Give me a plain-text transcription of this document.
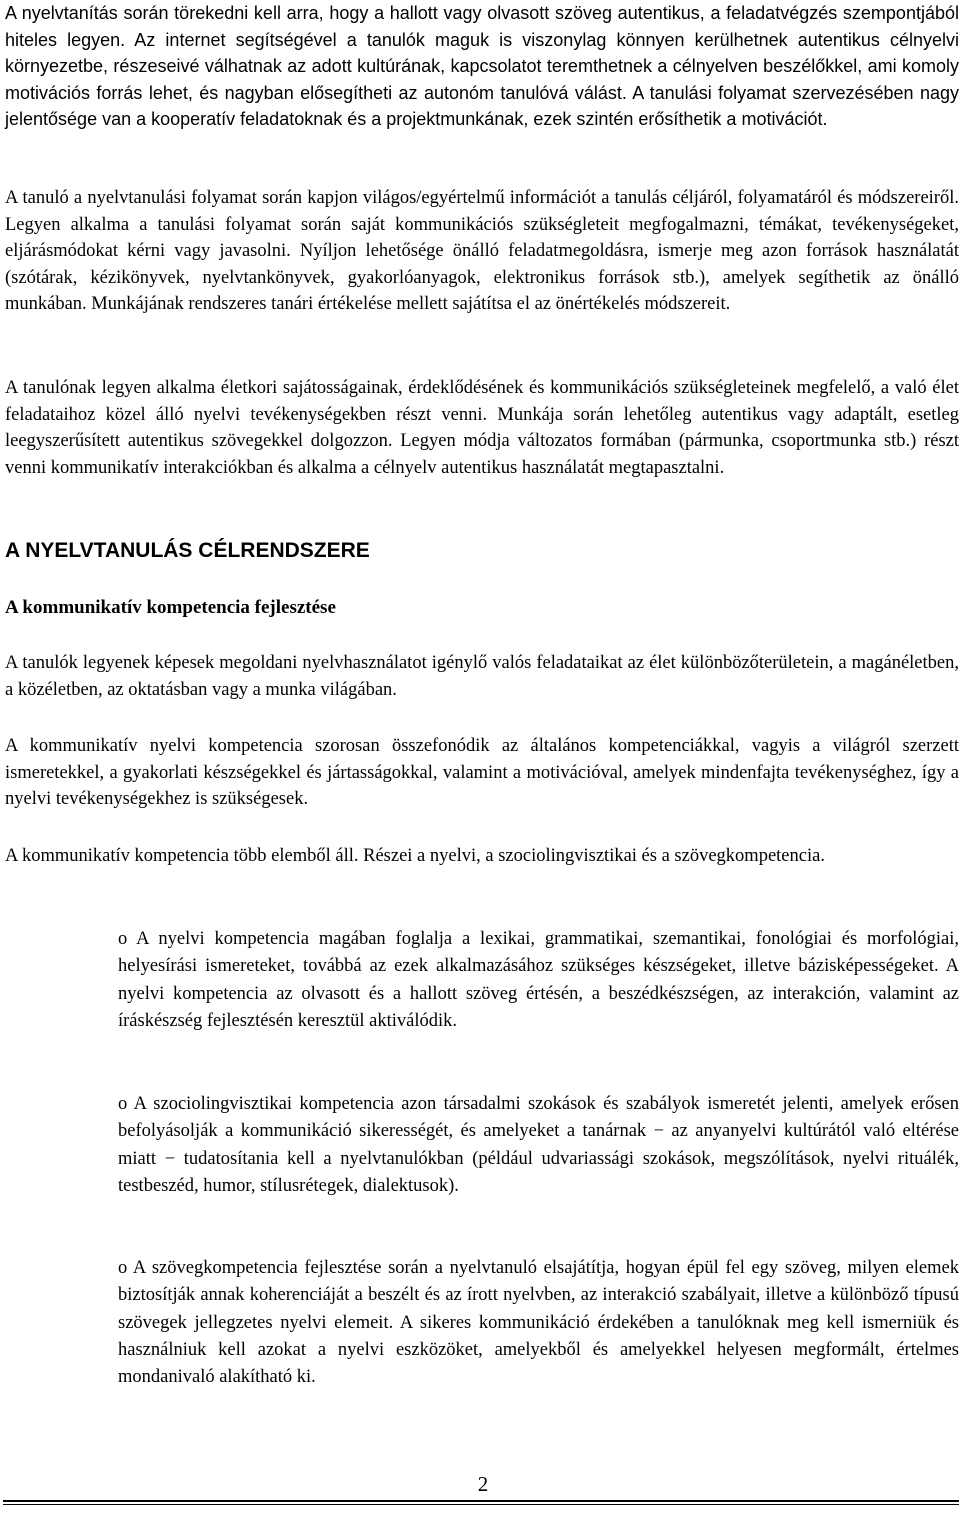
A nyelvtanítás során törekedni kell arra, hogy a hallott vagy olvasott szöveg autentikus, a feladatvégzés szempontjából hiteles legyen. Az internet segítségével a tanulók maguk is viszonylag könnyen kerülhetnek autentikus célnyelvi környezetbe, részeseivé válhatnak az adott kultúrának, kapcsolatot teremthetnek a célnyelven beszélőkkel, ami komoly motivációs forrás lehet, és nagyban elősegítheti az autonóm tanulóvá válást. A tanulási folyamat szervezésében nagy jelentősége van a kooperatív feladatoknak és a projektmunkának, ezek szintén erősíthetik a motivációt.

A tanuló a nyelvtanulási folyamat során kapjon világos/egyértelmű információt a tanulás céljáról, folyamatáról és módszereiről. Legyen alkalma a tanulási folyamat során saját kommunikációs szükségleteit megfogalmazni, témákat, tevékenységeket, eljárásmódokat kérni vagy javasolni. Nyíljon lehetősége önálló feladatmegoldásra, ismerje meg azon források használatát (szótárak, kézikönyvek, nyelvtankönyvek, gyakorlóanyagok, elektronikus források stb.), amelyek segíthetik az önálló munkában. Munkájának rendszeres tanári értékelése mellett sajátítsa el az önértékelés módszereit.

A tanulónak legyen alkalma életkori sajátosságainak, érdeklődésének és kommunikációs szükségleteinek megfelelő, a való élet feladataihoz közel álló nyelvi tevékenységekben részt venni. Munkája során lehetőleg autentikus vagy adaptált, esetleg leegyszerűsített autentikus szövegekkel dolgozzon. Legyen módja változatos formában (pármunka, csoportmunka stb.) részt venni kommunikatív interakciókban és alkalma a célnyelv autentikus használatát megtapasztalni.

A NYELVTANULÁS CÉLRENDSZERE
A kommunikatív kompetencia fejlesztése

A tanulók legyenek képesek megoldani nyelvhasználatot igénylő valós feladataikat az élet különbözőterületein, a magánéletben, a közéletben, az oktatásban vagy a munka világában.

A kommunikatív nyelvi kompetencia szorosan összefonódik az általános kompetenciákkal, vagyis a világról szerzett ismeretekkel, a gyakorlati készségekkel és jártasságokkal, valamint a motivációval, amelyek mindenfajta tevékenységhez, így a nyelvi tevékenységekhez is szükségesek.

A kommunikatív kompetencia több elemből áll. Részei a nyelvi, a szociolingvisztikai és a szövegkompetencia.

o A nyelvi kompetencia magában foglalja a lexikai, grammatikai, szemantikai, fonológiai és morfológiai, helyesírási ismereteket, továbbá az ezek alkalmazásához szükséges készségeket, illetve bázisképességeket. A nyelvi kompetencia az olvasott és a hallott szöveg értésén, a beszédkészségen, az interakción, valamint az íráskészség fejlesztésén keresztül aktiválódik.

o A szociolingvisztikai kompetencia azon társadalmi szokások és szabályok ismeretét jelenti, amelyek erősen befolyásolják a kommunikáció sikerességét, és amelyeket a tanárnak − az anyanyelvi kultúrától való eltérése miatt − tudatosítania kell a nyelvtanulókban (például udvariassági szokások, megszólítások, nyelvi rituálék, testbeszéd, humor, stílusrétegek, dialektusok).

o A szövegkompetencia fejlesztése során a nyelvtanuló elsajátítja, hogyan épül fel egy szöveg, milyen elemek biztosítják annak koherenciáját a beszélt és az írott nyelvben, az interakció szabályait, illetve a különböző típusú szövegek jellegzetes nyelvi elemeit. A sikeres kommunikáció érdekében a tanulóknak meg kell ismerniük és használniuk kell azokat a nyelvi eszközöket, amelyekből és amelyekkel helyesen megformált, értelmes mondanivaló alakítható ki.

2
